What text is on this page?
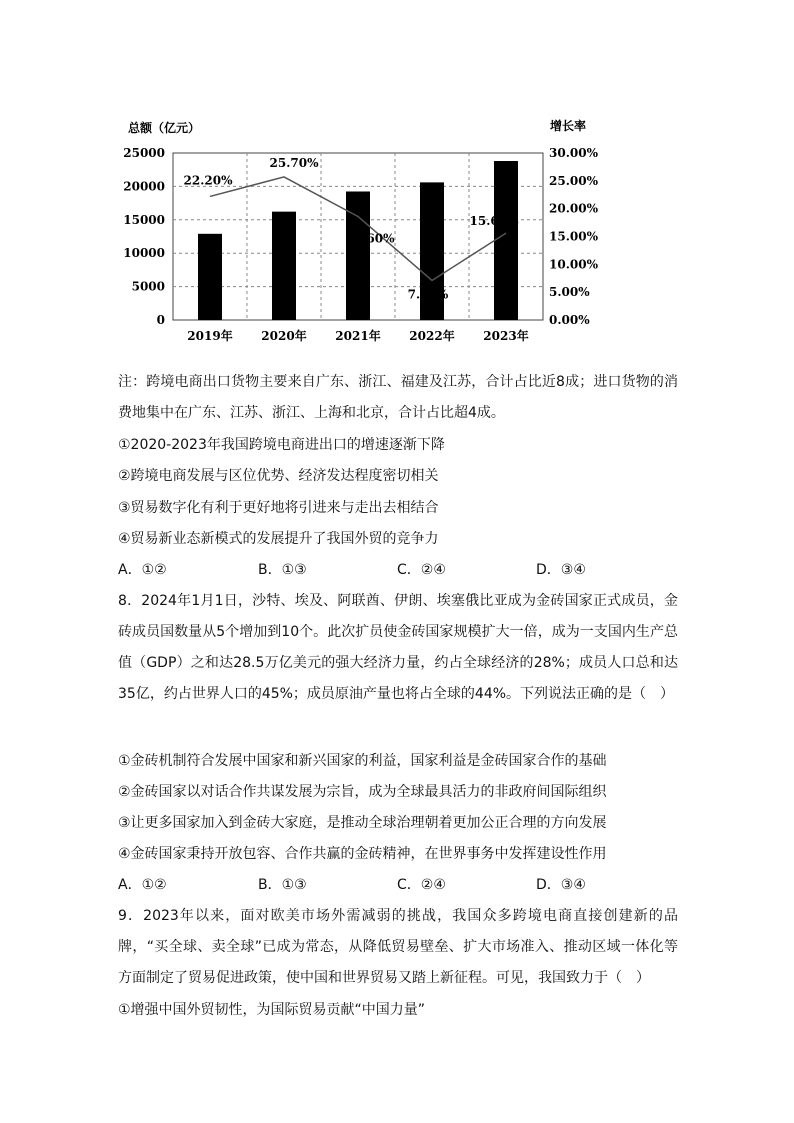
总额（亿元）	增长率
0
5000
10000
15000
20000
25000
0.00%
5.00%
10.00%
15.00%
20.00%
25.00%
30.00%
2019年 2020年 2021年 2022年 2023年
22.20%
25.70%
18.60%
7.10%
15.60%
注：跨境电商出口货物主要来自广东、浙江、福建及江苏，合计占比近8成；进口货物的消费地集中在广东、江苏、浙江、上海和北京，合计占比超4成。
①2020-2023年我国跨境电商进出口的增速逐渐下降
②跨境电商发展与区位优势、经济发达程度密切相关
③贸易数字化有利于更好地将引进来与走出去相结合
④贸易新业态新模式的发展提升了我国外贸的竞争力
A．①②	B．①③	C．②④	D．③④
8．2024年1月1日，沙特、埃及、阿联酋、伊朗、埃塞俄比亚成为金砖国家正式成员，金砖成员国数量从5个增加到10个。此次扩员使金砖国家规模扩大一倍，成为一支国内生产总值（GDP）之和达28.5万亿美元的强大经济力量，约占全球经济的28%；成员人口总和达35亿，约占世界人口的45%；成员原油产量也将占全球的44%。下列说法正确的是（　）
①金砖机制符合发展中国家和新兴国家的利益，国家利益是金砖国家合作的基础
②金砖国家以对话合作共谋发展为宗旨，成为全球最具活力的非政府间国际组织
③让更多国家加入到金砖大家庭，是推动全球治理朝着更加公正合理的方向发展
④金砖国家秉持开放包容、合作共赢的金砖精神，在世界事务中发挥建设性作用
A．①②	B．①③	C．②④	D．③④
9．2023年以来，面对欧美市场外需减弱的挑战，我国众多跨境电商直接创建新的品牌，“买全球、卖全球”已成为常态，从降低贸易壁垒、扩大市场准入、推动区域一体化等方面制定了贸易促进政策，使中国和世界贸易又踏上新征程。可见，我国致力于（　）
①增强中国外贸韧性，为国际贸易贡献“中国力量”
